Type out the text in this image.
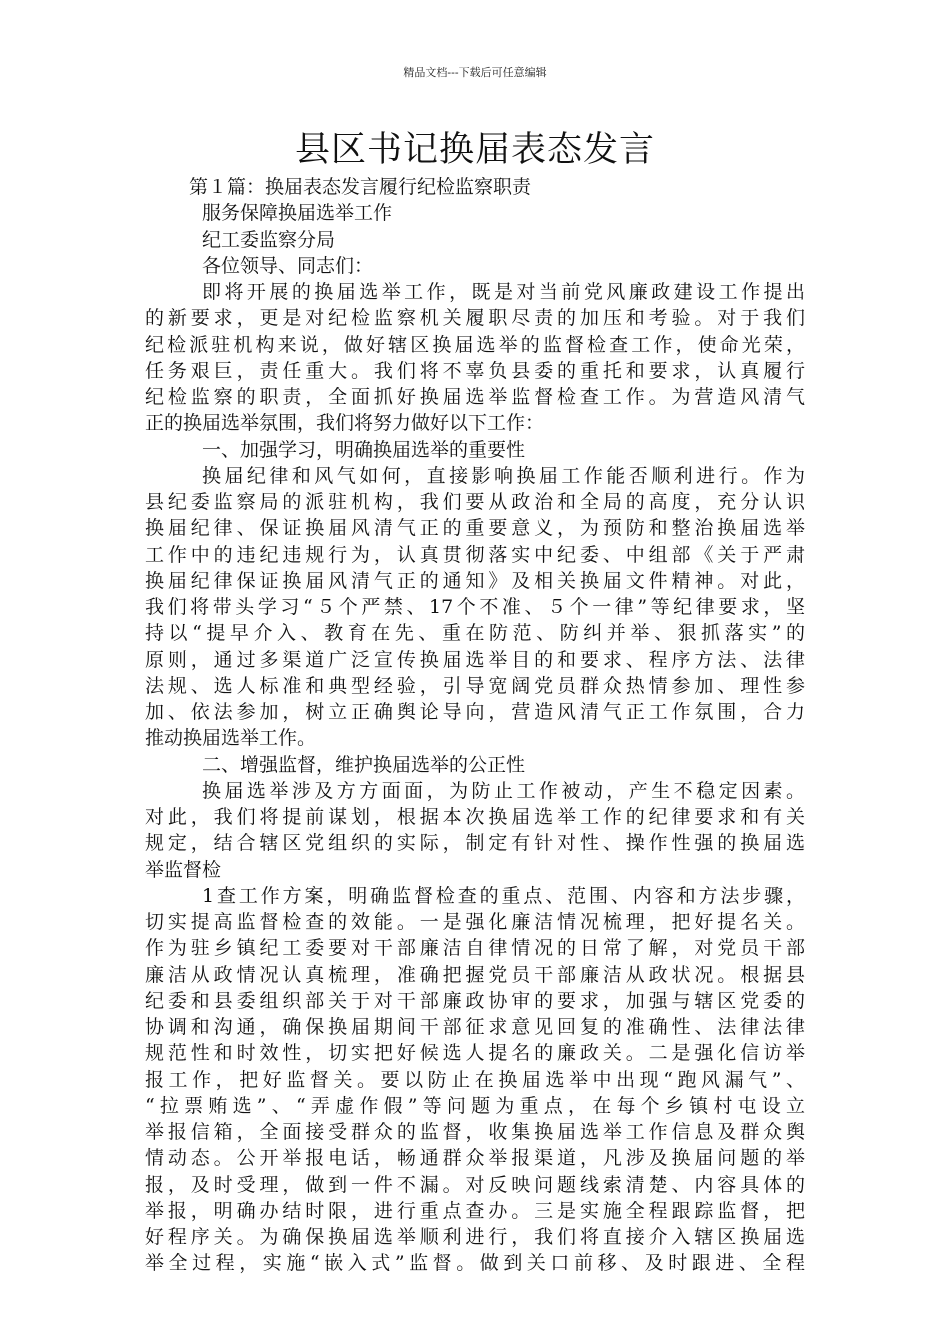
精品文档---下载后可任意编辑
县区书记换届表态发言
第１篇：换届表态发言履行纪检监察职责
服务保障换届选举工作
纪工委监察分局
各位领导、同志们：
即将开展的换届选举工作，既是对当前党风廉政建设工作提出
的新要求，更是对纪检监察机关履职尽责的加压和考验。对于我们
纪检派驻机构来说，做好辖区换届选举的监督检查工作，使命光荣，
任务艰巨，责任重大。我们将不辜负县委的重托和要求，认真履行
纪检监察的职责，全面抓好换届选举监督检查工作。为营造风清气
正的换届选举氛围，我们将努力做好以下工作：
一、加强学习，明确换届选举的重要性
换届纪律和风气如何，直接影响换届工作能否顺利进行。作为
县纪委监察局的派驻机构，我们要从政治和全局的高度，充分认识
换届纪律、保证换届风清气正的重要意义，为预防和整治换届选举
工作中的违纪违规行为，认真贯彻落实中纪委、中组部《关于严肃
换届纪律保证换届风清气正的通知》及相关换届文件精神。对此，
我们将带头学习“５个严禁、17个不准、５个一律”等纪律要求，坚
持以“提早介入、教育在先、重在防范、防纠并举、狠抓落实”的
原则，通过多渠道广泛宣传换届选举目的和要求、程序方法、法律
法规、选人标准和典型经验，引导宽阔党员群众热情参加、理性参
加、依法参加，树立正确舆论导向，营造风清气正工作氛围，合力
推动换届选举工作。
二、增强监督，维护换届选举的公正性
换届选举涉及方方面面，为防止工作被动，产生不稳定因素。
对此，我们将提前谋划，根据本次换届选举工作的纪律要求和有关
规定，结合辖区党组织的实际，制定有针对性、操作性强的换届选
举监督检
1查工作方案，明确监督检查的重点、范围、内容和方法步骤，
切实提高监督检查的效能。一是强化廉洁情况梳理，把好提名关。
作为驻乡镇纪工委要对干部廉洁自律情况的日常了解，对党员干部
廉洁从政情况认真梳理，准确把握党员干部廉洁从政状况。根据县
纪委和县委组织部关于对干部廉政协审的要求，加强与辖区党委的
协调和沟通，确保换届期间干部征求意见回复的准确性、法律法律
规范性和时效性，切实把好候选人提名的廉政关。二是强化信访举
报工作，把好监督关。要以防止在换届选举中出现“跑风漏气”、
“拉票贿选”、“弄虚作假”等问题为重点，在每个乡镇村屯设立
举报信箱，全面接受群众的监督，收集换届选举工作信息及群众舆
情动态。公开举报电话，畅通群众举报渠道，凡涉及换届问题的举
报，及时受理，做到一件不漏。对反映问题线索清楚、内容具体的
举报，明确办结时限，进行重点查办。三是实施全程跟踪监督，把
好程序关。为确保换届选举顺利进行，我们将直接介入辖区换届选
举全过程，实施“嵌入式”监督。做到关口前移、及时跟进、全程
